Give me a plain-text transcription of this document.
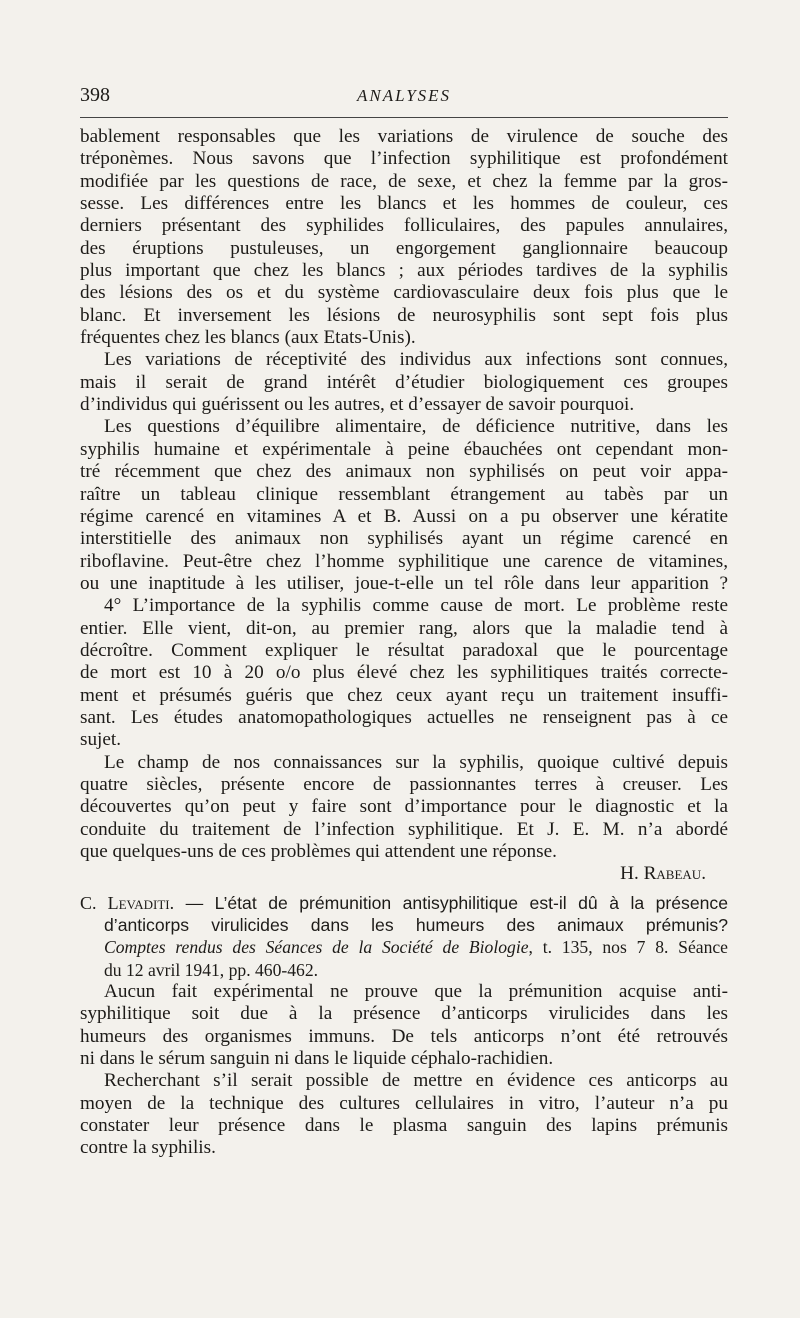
398	ANALYSES
bablement responsables que les variations de virulence de souche des
tréponèmes. Nous savons que l’infection syphilitique est profondément
modifiée par les questions de race, de sexe, et chez la femme par la gros-
sesse. Les différences entre les blancs et les hommes de couleur, ces
derniers présentant des syphilides folliculaires, des papules annulaires,
des éruptions pustuleuses, un engorgement ganglionnaire beaucoup
plus important que chez les blancs ; aux périodes tardives de la syphilis
des lésions des os et du système cardiovasculaire deux fois plus que le
blanc. Et inversement les lésions de neurosyphilis sont sept fois plus
fréquentes chez les blancs (aux Etats-Unis).
Les variations de réceptivité des individus aux infections sont connues,
mais il serait de grand intérêt d’étudier biologiquement ces groupes
d’individus qui guérissent ou les autres, et d’essayer de savoir pourquoi.
Les questions d’équilibre alimentaire, de déficience nutritive, dans les
syphilis humaine et expérimentale à peine ébauchées ont cependant mon-
tré récemment que chez des animaux non syphilisés on peut voir appa-
raître un tableau clinique ressemblant étrangement au tabès par un
régime carencé en vitamines A et B. Aussi on a pu observer une kératite
interstitielle des animaux non syphilisés ayant un régime carencé en
riboflavine. Peut-être chez l’homme syphilitique une carence de vitamines,
ou une inaptitude à les utiliser, joue-t-elle un tel rôle dans leur apparition ?
4° L’importance de la syphilis comme cause de mort. Le problème reste
entier. Elle vient, dit-on, au premier rang, alors que la maladie tend à
décroître. Comment expliquer le résultat paradoxal que le pourcentage
de mort est 10 à 20 o/o plus élevé chez les syphilitiques traités correcte-
ment et présumés guéris que chez ceux ayant reçu un traitement insuffi-
sant. Les études anatomopathologiques actuelles ne renseignent pas à ce
sujet.
Le champ de nos connaissances sur la syphilis, quoique cultivé depuis
quatre siècles, présente encore de passionnantes terres à creuser. Les
découvertes qu’on peut y faire sont d’importance pour le diagnostic et la
conduite du traitement de l’infection syphilitique. Et J. E. M. n’a abordé
que quelques-uns de ces problèmes qui attendent une réponse.
H. Rabeau.
C. Levaditi. — L’état de prémunition antisyphilitique est-il dû à la présence
d’anticorps virulicides dans les humeurs des animaux prémunis?
Comptes rendus des Séances de la Société de Biologie, t. 135, nos 7 8. Séance
du 12 avril 1941, pp. 460-462.
Aucun fait expérimental ne prouve que la prémunition acquise anti-
syphilitique soit due à la présence d’anticorps virulicides dans les
humeurs des organismes immuns. De tels anticorps n’ont été retrouvés
ni dans le sérum sanguin ni dans le liquide céphalo-rachidien.
Recherchant s’il serait possible de mettre en évidence ces anticorps au
moyen de la technique des cultures cellulaires in vitro, l’auteur n’a pu
constater leur présence dans le plasma sanguin des lapins prémunis
contre la syphilis.
